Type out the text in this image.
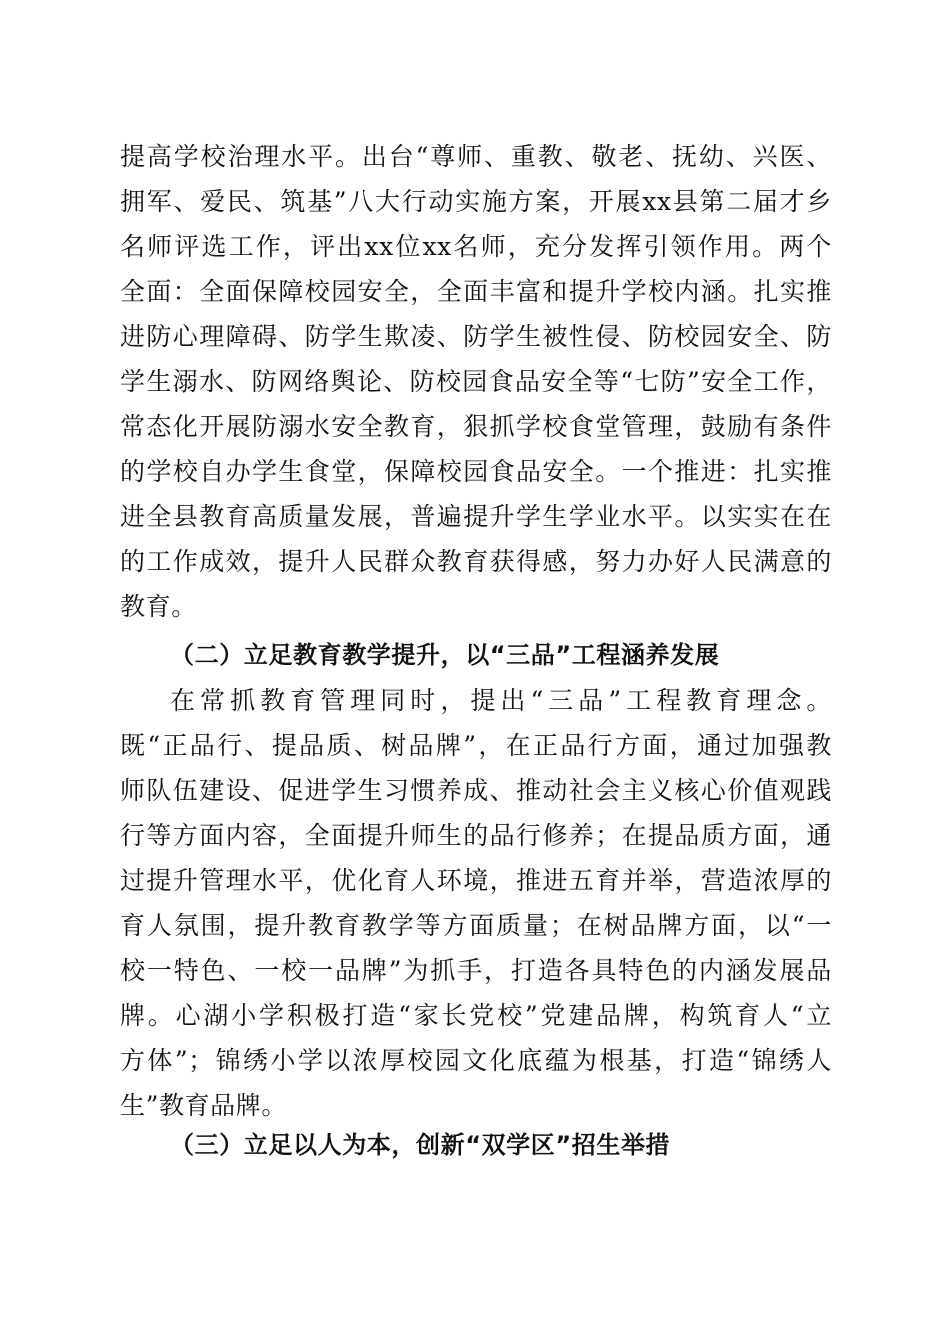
提高学校治理水平。出台“尊师、重教、敬老、抚幼、兴医、
拥军、爱民、筑基”八大行动实施方案，开展xx县第二届才乡
名师评选工作，评出xx位xx名师，充分发挥引领作用。两个
全面：全面保障校园安全，全面丰富和提升学校内涵。扎实推
进防心理障碍、防学生欺凌、防学生被性侵、防校园安全、防
学生溺水、防网络舆论、防校园食品安全等“七防”安全工作，
常态化开展防溺水安全教育，狠抓学校食堂管理，鼓励有条件
的学校自办学生食堂，保障校园食品安全。一个推进：扎实推
进全县教育高质量发展，普遍提升学生学业水平。以实实在在
的工作成效，提升人民群众教育获得感，努力办好人民满意的
教育。
（二）立足教育教学提升，以“三品”工程涵养发展
在常抓教育管理同时，提出“三品”工程教育理念。
既“正品行、提品质、树品牌”，在正品行方面，通过加强教
师队伍建设、促进学生习惯养成、推动社会主义核心价值观践
行等方面内容，全面提升师生的品行修养；在提品质方面，通
过提升管理水平，优化育人环境，推进五育并举，营造浓厚的
育人氛围，提升教育教学等方面质量；在树品牌方面，以“一
校一特色、一校一品牌”为抓手，打造各具特色的内涵发展品
牌。心湖小学积极打造“家长党校”党建品牌，构筑育人“立
方体”；锦绣小学以浓厚校园文化底蕴为根基，打造“锦绣人
生”教育品牌。
（三）立足以人为本，创新“双学区”招生举措
